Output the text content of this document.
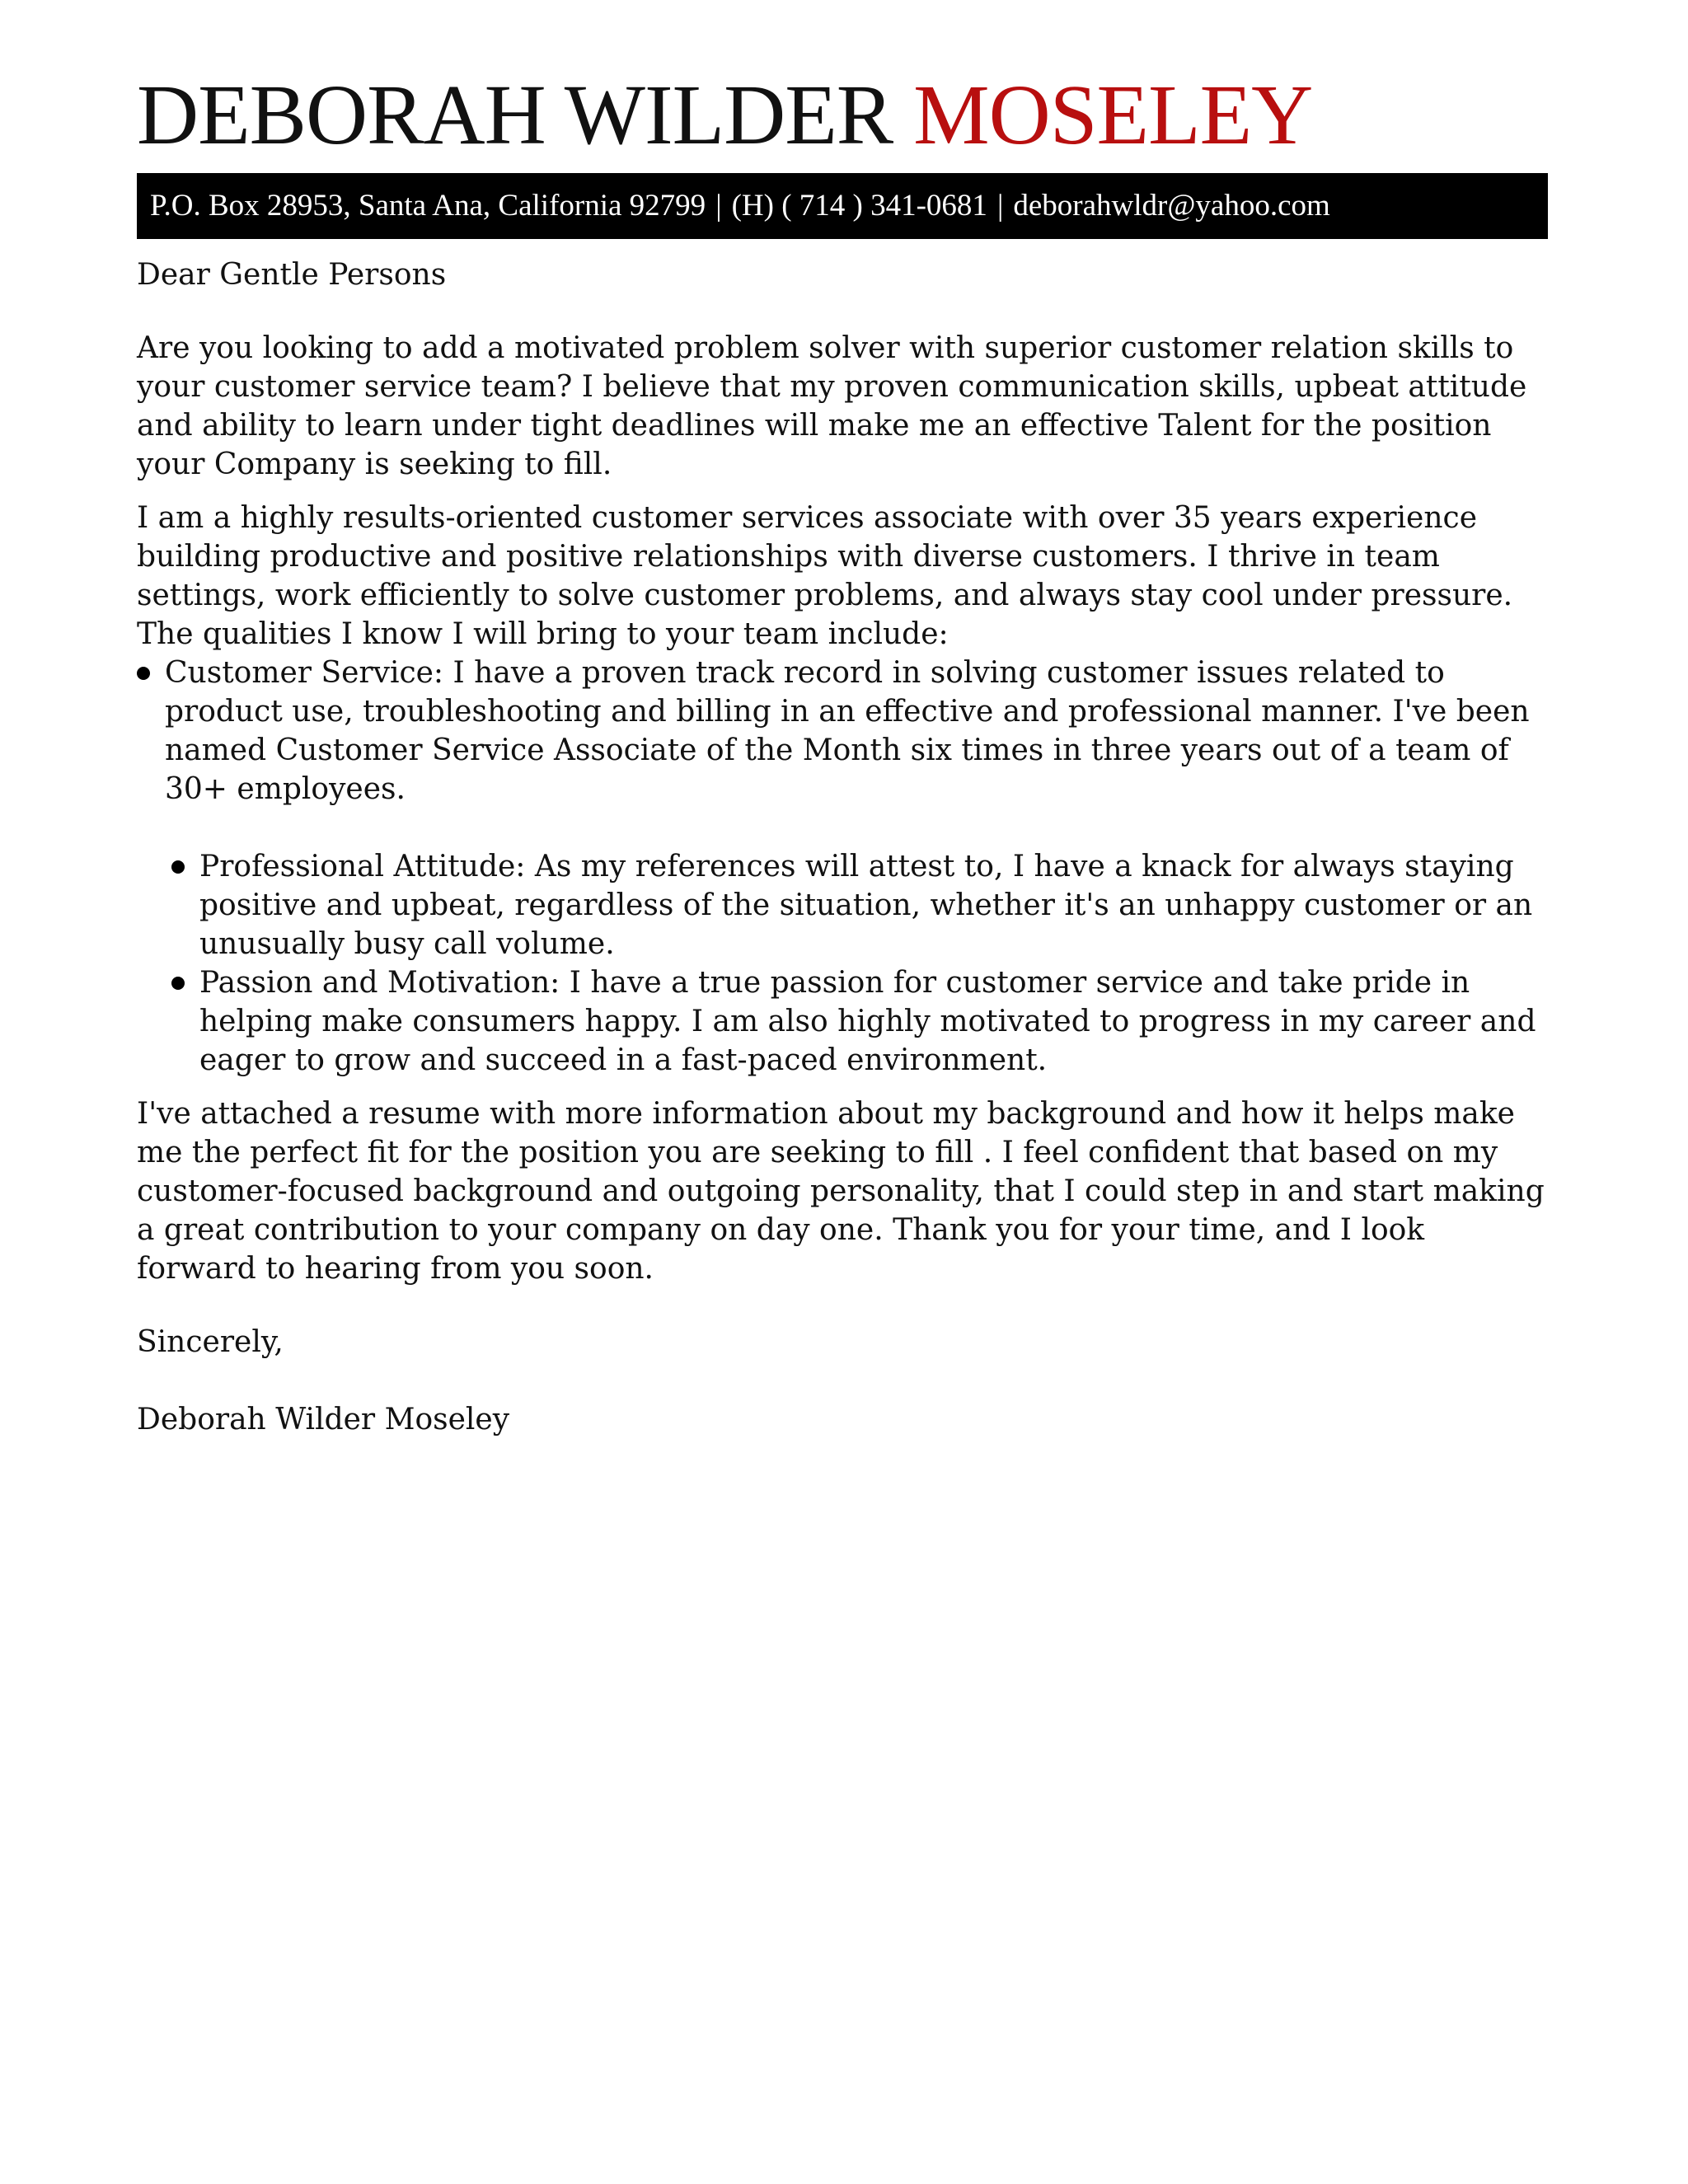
DEBORAH WILDER MOSELEY
P.O. Box 28953, Santa Ana, California 92799 | (H) ( 714 ) 341-0681 | deborahwldr@yahoo.com

Dear Gentle Persons

Are you looking to add a motivated problem solver with superior customer relation skills to your customer service team? I believe that my proven communication skills, upbeat attitude and ability to learn under tight deadlines will make me an effective Talent for the position your Company is seeking to fill.

I am a highly results-oriented customer services associate with over 35 years experience building productive and positive relationships with diverse customers. I thrive in team settings, work efficiently to solve customer problems, and always stay cool under pressure. The qualities I know I will bring to your team include:

Customer Service: I have a proven track record in solving customer issues related to product use, troubleshooting and billing in an effective and professional manner. I've been named Customer Service Associate of the Month six times in three years out of a team of 30+ employees.
Professional Attitude: As my references will attest to, I have a knack for always staying positive and upbeat, regardless of the situation, whether it's an unhappy customer or an unusually busy call volume.
Passion and Motivation: I have a true passion for customer service and take pride in helping make consumers happy. I am also highly motivated to progress in my career and eager to grow and succeed in a fast-paced environment.

I've attached a resume with more information about my background and how it helps make me the perfect fit for the position you are seeking to fill . I feel confident that based on my customer-focused background and outgoing personality, that I could step in and start making a great contribution to your company on day one. Thank you for your time, and I look forward to hearing from you soon.

Sincerely,

Deborah Wilder Moseley
